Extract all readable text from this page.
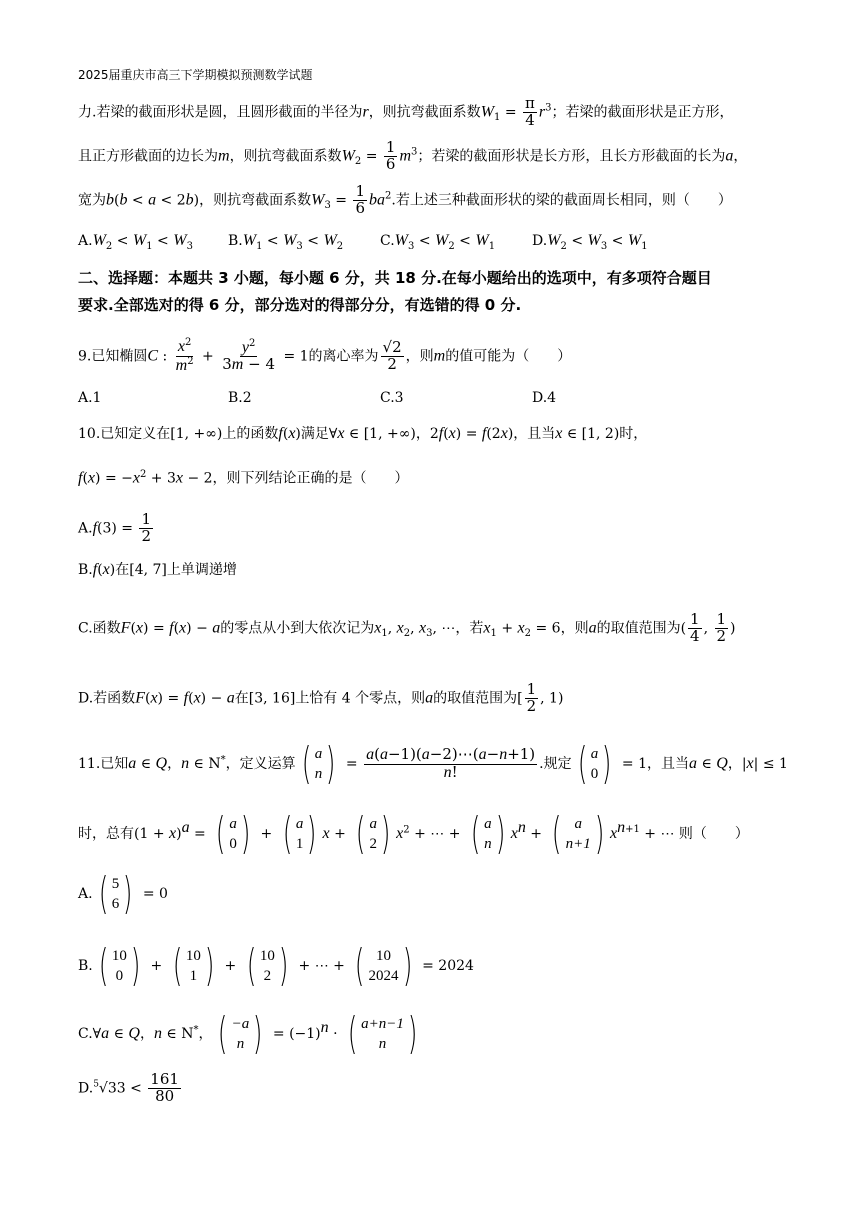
2025届重庆市高三下学期模拟预测数学试题
力.若梁的截面形状是圆，且圆形截面的半径为r，则抗弯截面系数$W_1 = \frac{\pi}{4} r^3$；若梁的截面形状是正方形，
且正方形截面的边长为m，则抗弯截面系数$W_2 = \frac{1}{6} m^3$；若梁的截面形状是长方形，且长方形截面的长为a，
宽为b(b < a < 2b)，则抗弯截面系数$W_3 = \frac{1}{6} ba^2$.若上述三种截面形状的梁的截面周长相同，则（　　）
$A.W_2 < W_1 < W_3$	$B.W_1 < W_3 < W_2$	$C.W_3 < W_2 < W_1$	$D.W_2 < W_3 < W_1$
二、选择题：本题共 3 小题，每小题 6 分，共 18 分.在每小题给出的选项中，有多项符合题目
要求.全部选对的得 6 分，部分选对的得部分分，有选错的得 0 分.
9.已知椭圆C : $\frac{x^2}{m^2} + \frac{y^2}{3m - 4} = 1$的离心率为 $\frac{√2}{2}$ ，则m的值可能为（　　）
A.1	B.2	C.3	D.4
10.已知定义在[1, +∞)上的函数f(x)满足∀x ∈ [1, +∞)，2f(x) = f(2x)，且当x ∈ [1, 2)时，
$f(x) = -x^2 + 3x - 2$，则下列结论正确的是（　　）
$A.f(3) = \frac{1}{2}$
B.f(x)在[4, 7]上单调递增
C.函数F(x) = f(x) − a的零点从小到大依次记为$x_1$, $x_2$, $x_3$, ⋯，若$x_1 + x_2 = 6$，则a的取值范围为( $\frac{1}{4}$ , $\frac{1}{2}$ )
D.若函数F(x) = f(x) − a在[3, 16]上恰有 4 个零点，则a的取值范围为[ $\frac{1}{2}$ , 1)
11.已知a ∈ Q，n ∈ N*，定义运算 ( a
n ) = $\frac{a(a-1)(a-2)\cdots(a-n+1)}{n!}$ .规定 ( a
0 ) = 1，且当a ∈ Q，|x| ≤ 1
时，总有$(1 + x)^a$ = ( a
0 ) + ( a
1 ) x + ( a
2 ) $x^2$ + ⋯ + ( a
n ) $x^n$ + ( a
n+1 ) $x^{n+1}$ + ⋯ 则（　　）
A. ( 5
6 ) = 0
B. ( 10
0 ) + ( 10
1 ) + ( 10
2 ) + ⋯ + ( 10
2024 ) = 2024
C.∀a ∈ Q，n ∈ N*， ( −a
n ) = $(-1)^n$ · ( a+n−1
n )
$D.^5√33 < \frac{161}{80}$
